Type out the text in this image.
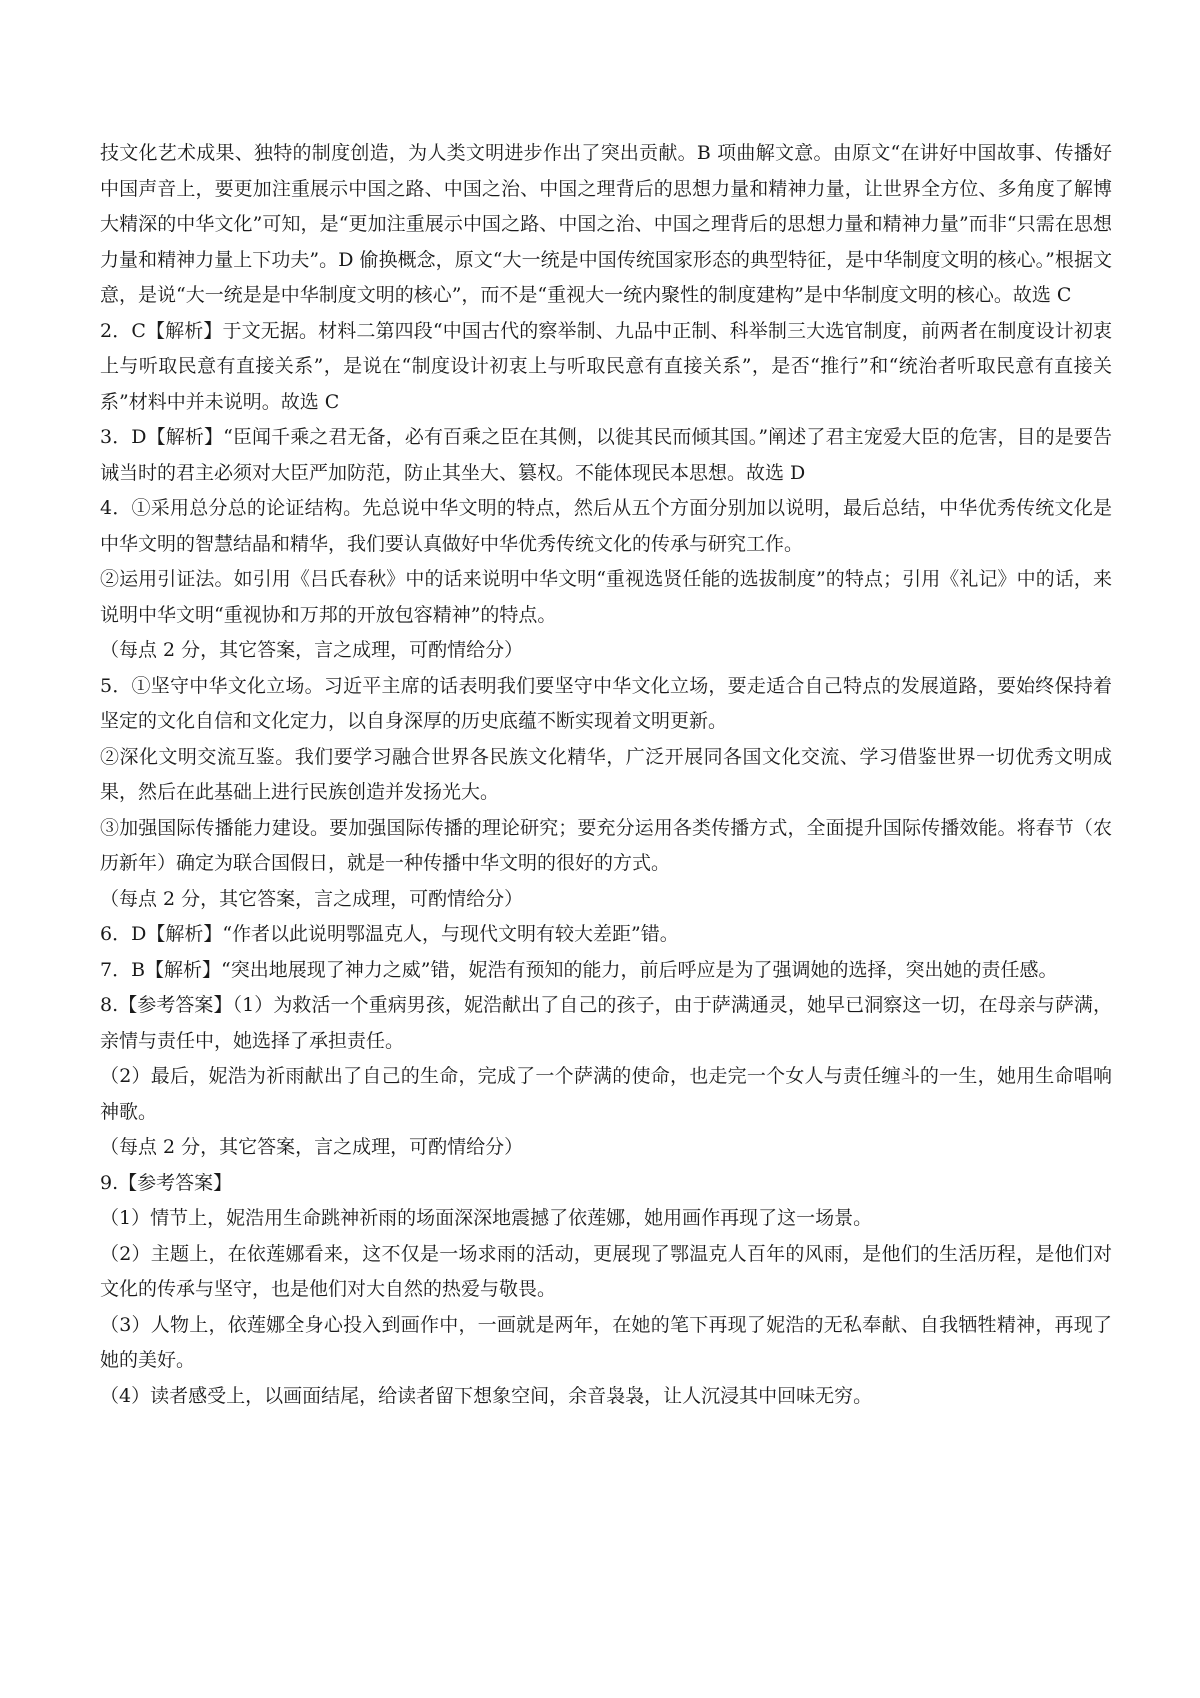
技文化艺术成果、独特的制度创造，为人类文明进步作出了突出贡献。B 项曲解文意。由原文“在讲好中国故事、传播好中国声音上，要更加注重展示中国之路、中国之治、中国之理背后的思想力量和精神力量，让世界全方位、多角度了解博大精深的中华文化”可知，是“更加注重展示中国之路、中国之治、中国之理背后的思想力量和精神力量”而非“只需在思想力量和精神力量上下功夫”。D 偷换概念，原文“大一统是中国传统国家形态的典型特征，是中华制度文明的核心。”根据文意，是说“大一统是是中华制度文明的核心”，而不是“重视大一统内聚性的制度建构”是中华制度文明的核心。故选 C

2．C【解析】于文无据。材料二第四段“中国古代的察举制、九品中正制、科举制三大选官制度，前两者在制度设计初衷上与听取民意有直接关系”，是说在“制度设计初衷上与听取民意有直接关系”，是否“推行”和“统治者听取民意有直接关系”材料中并未说明。故选 C

3．D【解析】“臣闻千乘之君无备，必有百乘之臣在其侧，以徙其民而倾其国。”阐述了君主宠爱大臣的危害，目的是要告诫当时的君主必须对大臣严加防范，防止其坐大、篡权。不能体现民本思想。故选 D

4．①采用总分总的论证结构。先总说中华文明的特点，然后从五个方面分别加以说明，最后总结，中华优秀传统文化是中华文明的智慧结晶和精华，我们要认真做好中华优秀传统文化的传承与研究工作。

②运用引证法。如引用《吕氏春秋》中的话来说明中华文明“重视选贤任能的选拔制度”的特点；引用《礼记》中的话，来说明中华文明“重视协和万邦的开放包容精神”的特点。

（每点 2 分，其它答案，言之成理，可酌情给分）

5．①坚守中华文化立场。习近平主席的话表明我们要坚守中华文化立场，要走适合自己特点的发展道路，要始终保持着坚定的文化自信和文化定力，以自身深厚的历史底蕴不断实现着文明更新。

②深化文明交流互鉴。我们要学习融合世界各民族文化精华，广泛开展同各国文化交流、学习借鉴世界一切优秀文明成果，然后在此基础上进行民族创造并发扬光大。

③加强国际传播能力建设。要加强国际传播的理论研究；要充分运用各类传播方式，全面提升国际传播效能。将春节（农历新年）确定为联合国假日，就是一种传播中华文明的很好的方式。

（每点 2 分，其它答案，言之成理，可酌情给分）

6．D【解析】“作者以此说明鄂温克人，与现代文明有较大差距”错。

7．B【解析】“突出地展现了神力之威”错，妮浩有预知的能力，前后呼应是为了强调她的选择，突出她的责任感。

8.【参考答案】（1）为救活一个重病男孩，妮浩献出了自己的孩子，由于萨满通灵，她早已洞察这一切，在母亲与萨满，亲情与责任中，她选择了承担责任。

（2）最后，妮浩为祈雨献出了自己的生命，完成了一个萨满的使命，也走完一个女人与责任缠斗的一生，她用生命唱响神歌。

（每点 2 分，其它答案，言之成理，可酌情给分）

9.【参考答案】

（1）情节上，妮浩用生命跳神祈雨的场面深深地震撼了依莲娜，她用画作再现了这一场景。

（2）主题上，在依莲娜看来，这不仅是一场求雨的活动，更展现了鄂温克人百年的风雨，是他们的生活历程，是他们对文化的传承与坚守，也是他们对大自然的热爱与敬畏。

（3）人物上，依莲娜全身心投入到画作中，一画就是两年，在她的笔下再现了妮浩的无私奉献、自我牺牲精神，再现了她的美好。

（4）读者感受上，以画面结尾，给读者留下想象空间，余音袅袅，让人沉浸其中回味无穷。
